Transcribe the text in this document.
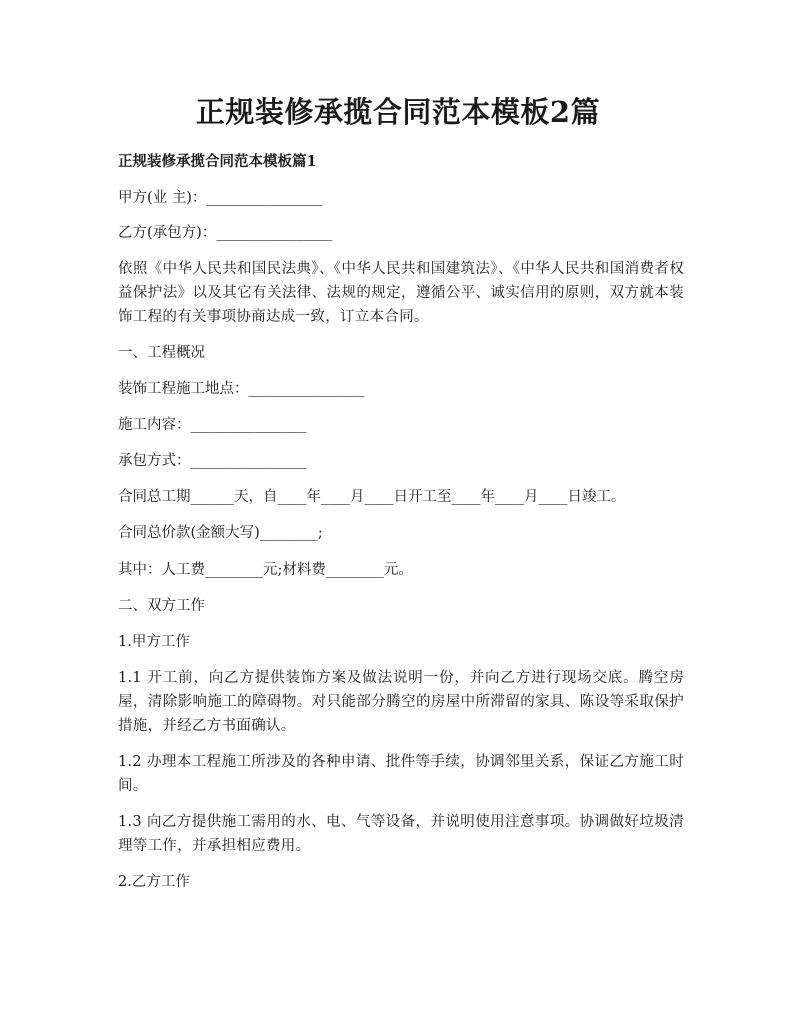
正规装修承揽合同范本模板2篇
正规装修承揽合同范本模板篇1
甲方(业 主)：________________
乙方(承包方)：________________
依照《中华人民共和国民法典》、《中华人民共和国建筑法》、《中华人民共和国消费者权益保护法》以及其它有关法律、法规的规定，遵循公平、诚实信用的原则，双方就本装饰工程的有关事项协商达成一致，订立本合同。
一、工程概况
装饰工程施工地点：________________
施工内容：________________
承包方式：________________
合同总工期______天，自____年____月____日开工至____年____月____日竣工。
合同总价款(金额大写)________;
其中：人工费________元;材料费________元。
二、双方工作
1.甲方工作
1.1 开工前，向乙方提供装饰方案及做法说明一份，并向乙方进行现场交底。腾空房屋，清除影响施工的障碍物。对只能部分腾空的房屋中所滞留的家具、陈设等采取保护措施，并经乙方书面确认。
1.2 办理本工程施工所涉及的各种申请、批件等手续，协调邻里关系，保证乙方施工时间。
1.3 向乙方提供施工需用的水、电、气等设备，并说明使用注意事项。协调做好垃圾清理等工作，并承担相应费用。
2.乙方工作
